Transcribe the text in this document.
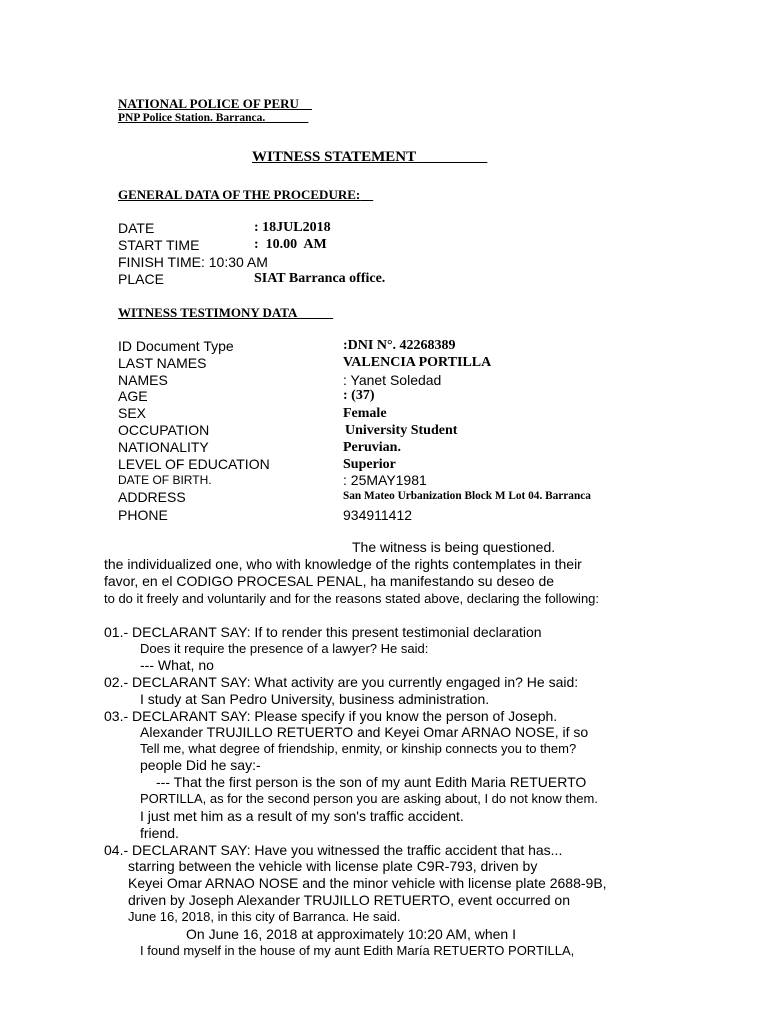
NATIONAL POLICE OF PERU
PNP Police Station. Barranca.
WITNESS STATEMENT
GENERAL DATA OF THE PROCEDURE:
DATE	: 18JUL2018
START TIME	:  10.00  AM
FINISH TIME: 10:30 AM
PLACE	SIAT Barranca office.
WITNESS TESTIMONY DATA
ID Document Type	:DNI N°. 42268389
LAST NAMES	VALENCIA PORTILLA
NAMES	: Yanet Soledad
AGE	: (37)
SEX	Female
OCCUPATION	University Student
NATIONALITY	Peruvian.
LEVEL OF EDUCATION	Superior
DATE OF BIRTH.	: 25MAY1981
ADDRESS	San Mateo Urbanization Block M Lot 04. Barranca
PHONE	934911412
The witness is being questioned.
the individualized one, who with knowledge of the rights contemplates in their
favor, en el CODIGO PROCESAL PENAL, ha manifestando su deseo de
to do it freely and voluntarily and for the reasons stated above, declaring the following:
01.- DECLARANT SAY: If to render this present testimonial declaration
Does it require the presence of a lawyer? He said:
--- What, no
02.- DECLARANT SAY: What activity are you currently engaged in? He said:
I study at San Pedro University, business administration.
03.- DECLARANT SAY: Please specify if you know the person of Joseph.
Alexander TRUJILLO RETUERTO and Keyei Omar ARNAO NOSE, if so
Tell me, what degree of friendship, enmity, or kinship connects you to them?
people Did he say:-
--- That the first person is the son of my aunt Edith Maria RETUERTO
PORTILLA, as for the second person you are asking about, I do not know them.
I just met him as a result of my son's traffic accident.
friend.
04.- DECLARANT SAY: Have you witnessed the traffic accident that has...
starring between the vehicle with license plate C9R-793, driven by
Keyei Omar ARNAO NOSE and the minor vehicle with license plate 2688-9B,
driven by Joseph Alexander TRUJILLO RETUERTO, event occurred on
June 16, 2018, in this city of Barranca. He said.
On June 16, 2018 at approximately 10:20 AM, when I
I found myself in the house of my aunt Edith María RETUERTO PORTILLA,
